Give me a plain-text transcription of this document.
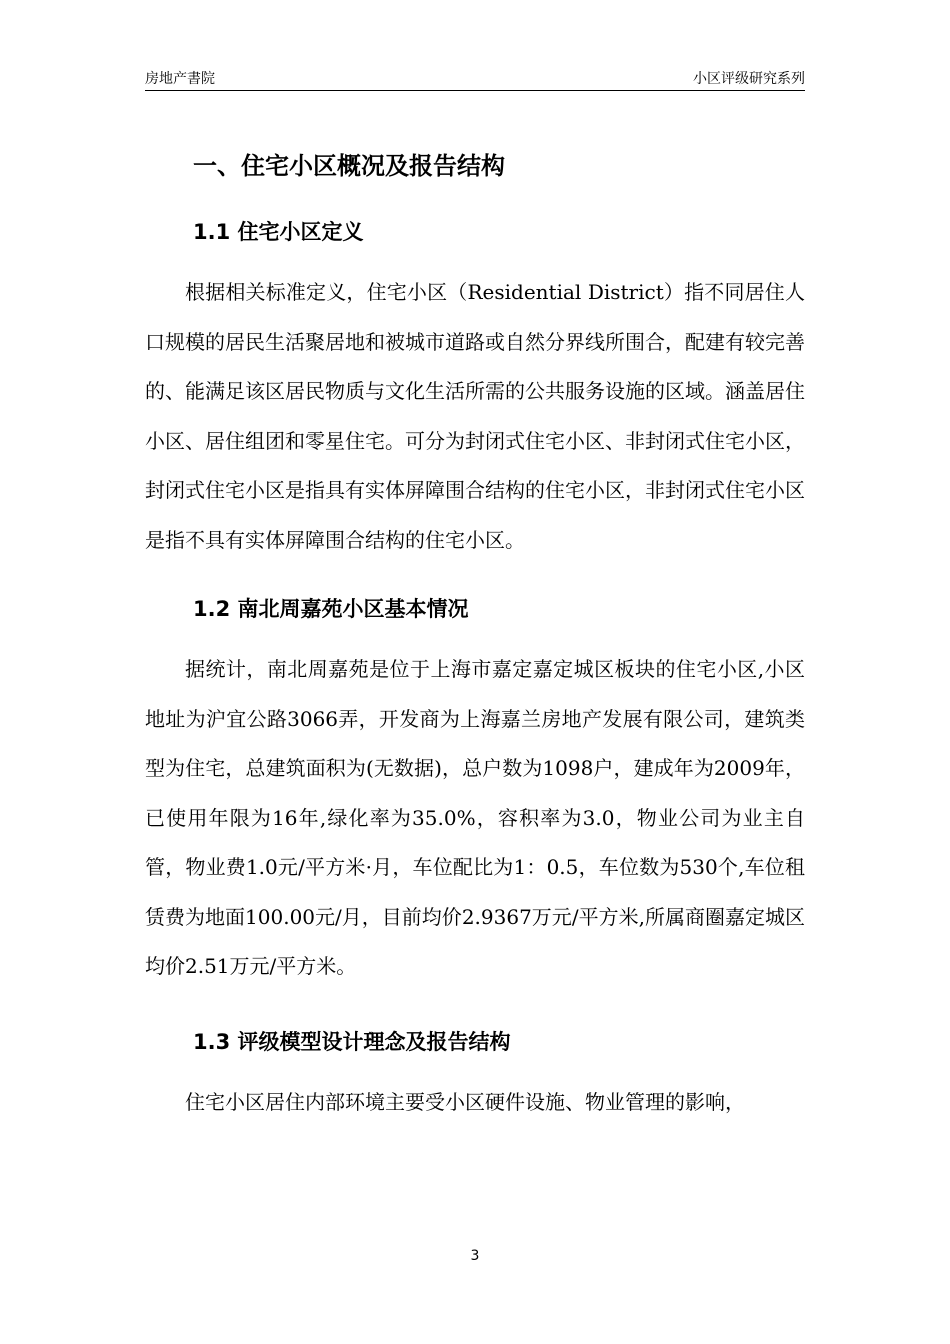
房地产書院	小区评级研究系列
一、住宅小区概况及报告结构
1.1 住宅小区定义

根据相关标准定义，住宅小区（Residential District）指不同居住人口规模的居民生活聚居地和被城市道路或自然分界线所围合，配建有较完善的、能满足该区居民物质与文化生活所需的公共服务设施的区域。涵盖居住小区、居住组团和零星住宅。可分为封闭式住宅小区、非封闭式住宅小区，封闭式住宅小区是指具有实体屏障围合结构的住宅小区，非封闭式住宅小区是指不具有实体屏障围合结构的住宅小区。

1.2 南北周嘉苑小区基本情况

据统计，南北周嘉苑是位于上海市嘉定嘉定城区板块的住宅小区,小区地址为沪宜公路3066弄，开发商为上海嘉兰房地产发展有限公司，建筑类型为住宅，总建筑面积为(无数据)，总户数为1098户，建成年为2009年，已使用年限为16年,绿化率为35.0%，容积率为3.0，物业公司为业主自管，物业费1.0元/平方米·月，车位配比为1：0.5，车位数为530个,车位租赁费为地面100.00元/月，目前均价2.9367万元/平方米,所属商圈嘉定城区均价2.51万元/平方米。

1.3 评级模型设计理念及报告结构

住宅小区居住内部环境主要受小区硬件设施、物业管理的影响，

3
